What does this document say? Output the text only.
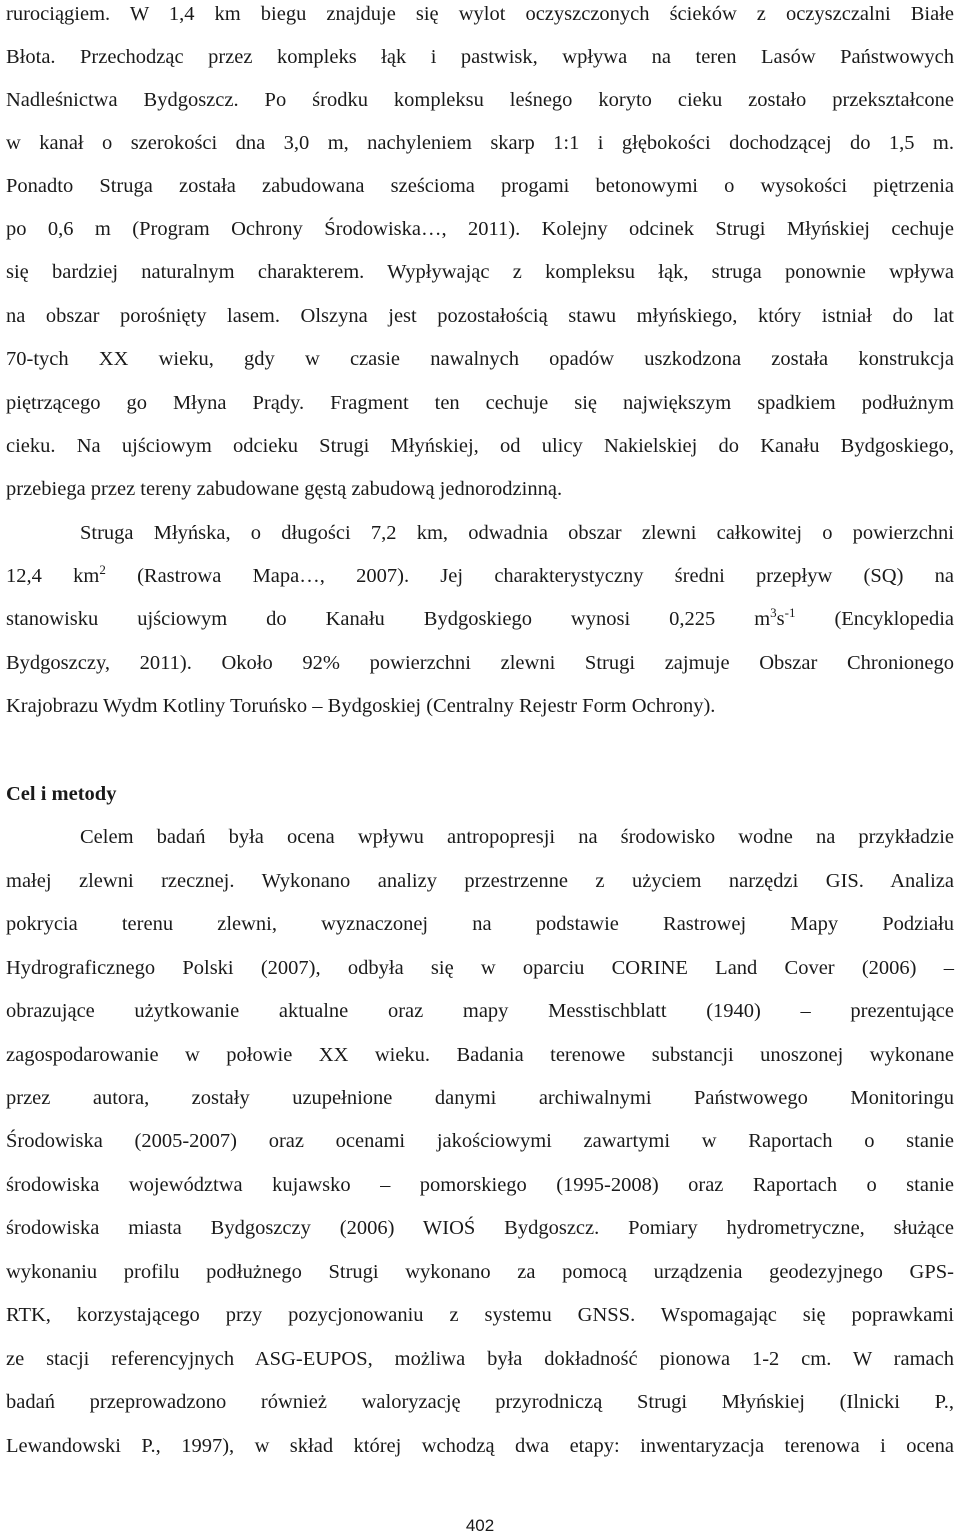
rurociągiem. W 1,4 km biegu znajduje się wylot oczyszczonych ścieków z oczyszczalni Białe

Błota. Przechodząc przez kompleks łąk i pastwisk, wpływa na teren Lasów Państwowych

Nadleśnictwa Bydgoszcz. Po środku kompleksu leśnego koryto cieku zostało przekształcone

w kanał o szerokości dna 3,0 m, nachyleniem skarp 1:1 i głębokości dochodzącej do 1,5 m.

Ponadto Struga została zabudowana sześcioma progami betonowymi o wysokości piętrzenia

po 0,6 m (Program Ochrony Środowiska…, 2011). Kolejny odcinek Strugi Młyńskiej cechuje

się bardziej naturalnym charakterem. Wypływając z kompleksu łąk, struga ponownie wpływa

na obszar porośnięty lasem. Olszyna jest pozostałością stawu młyńskiego, który istniał do lat

70-tych XX wieku, gdy w czasie nawalnych opadów uszkodzona została konstrukcja

piętrzącego go Młyna Prądy. Fragment ten cechuje się największym spadkiem podłużnym

cieku. Na ujściowym odcieku Strugi Młyńskiej, od ulicy Nakielskiej do Kanału Bydgoskiego,

przebiega przez tereny zabudowane gęstą zabudową jednorodzinną.

Struga Młyńska, o długości 7,2 km, odwadnia obszar zlewni całkowitej o powierzchni

12,4 $km^2$ (Rastrowa Mapa…, 2007). Jej charakterystyczny średni przepływ (SQ) na

stanowisku ujściowym do Kanału Bydgoskiego wynosi 0,225 $m^3s^{-1}$ (Encyklopedia

Bydgoszczy, 2011). Około 92% powierzchni zlewni Strugi zajmuje Obszar Chronionego

Krajobrazu Wydm Kotliny Toruńsko – Bydgoskiej (Centralny Rejestr Form Ochrony).

Cel i metody

Celem badań była ocena wpływu antropopresji na środowisko wodne na przykładzie

małej zlewni rzecznej. Wykonano analizy przestrzenne z użyciem narzędzi GIS. Analiza

pokrycia terenu zlewni, wyznaczonej na podstawie Rastrowej Mapy Podziału

Hydrograficznego Polski (2007), odbyła się w oparciu CORINE Land Cover (2006) –

obrazujące użytkowanie aktualne oraz mapy Messtischblatt (1940) – prezentujące

zagospodarowanie w połowie XX wieku. Badania terenowe substancji unoszonej wykonane

przez autora, zostały uzupełnione danymi archiwalnymi Państwowego Monitoringu

Środowiska (2005-2007) oraz ocenami jakościowymi zawartymi w Raportach o stanie

środowiska województwa kujawsko – pomorskiego (1995-2008) oraz Raportach o stanie

środowiska miasta Bydgoszczy (2006) WIOŚ Bydgoszcz. Pomiary hydrometryczne, służące

wykonaniu profilu podłużnego Strugi wykonano za pomocą urządzenia geodezyjnego GPS-

RTK, korzystającego przy pozycjonowaniu z systemu GNSS. Wspomagając się poprawkami

ze stacji referencyjnych ASG-EUPOS, możliwa była dokładność pionowa 1-2 cm. W ramach

badań przeprowadzono również waloryzację przyrodniczą Strugi Młyńskiej (Ilnicki P.,

Lewandowski P., 1997), w skład której wchodzą dwa etapy: inwentaryzacja terenowa i ocena

402
